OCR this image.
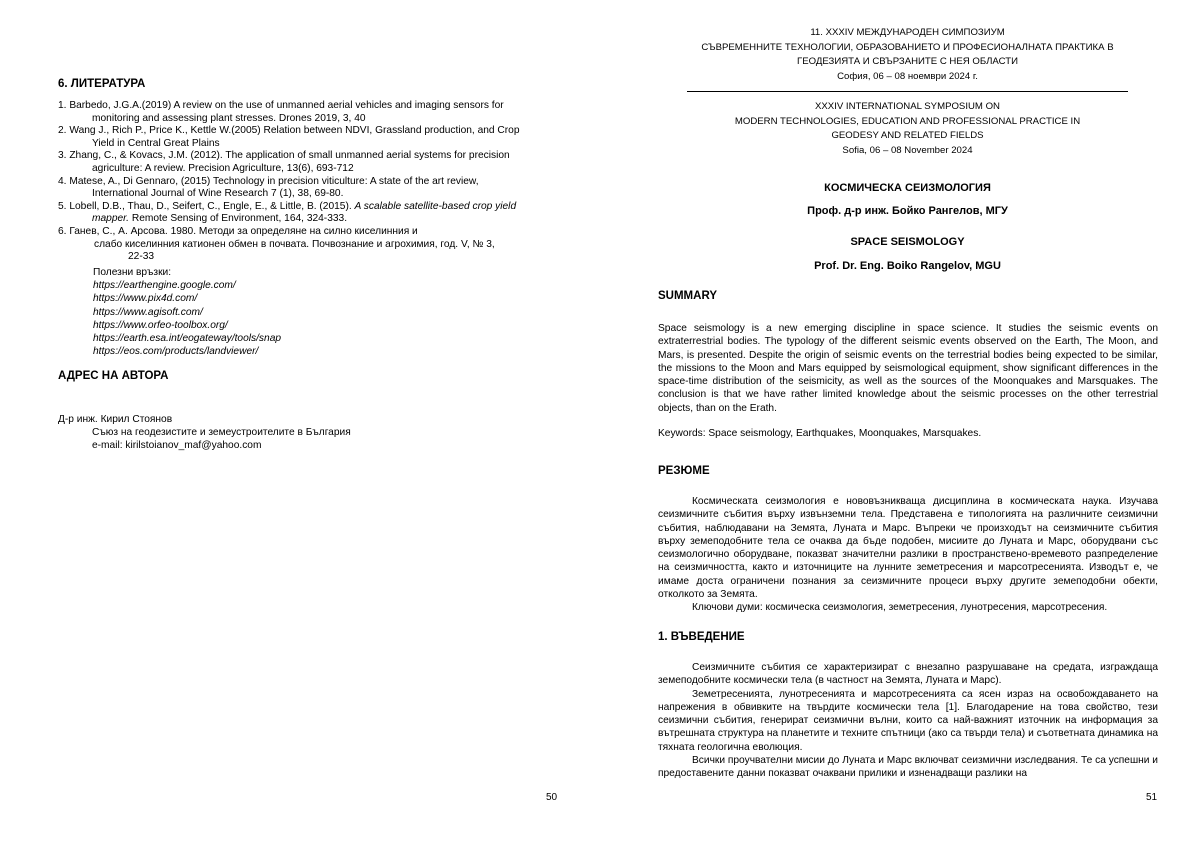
6. ЛИТЕРАТУРА
1. Barbedo, J.G.A.(2019) A review on the use of unmanned aerial vehicles and imaging sensors for
monitoring and assessing plant stresses. Drones 2019, 3, 40
2. Wang J., Rich P., Price K., Kettle W.(2005) Relation between NDVI, Grassland production, and Crop
Yield in Central Great Plains
3. Zhang, C., & Kovacs, J.M. (2012). The application of small unmanned aerial systems for precision
agriculture: A review. Precision Agriculture, 13(6), 693-712
4. Matese, A., Di Gennaro, (2015) Technology in precision viticulture: A state of the art review,
International Journal of Wine Research 7 (1), 38, 69-80.
5. Lobell, D.B., Thau, D., Seifert, C., Engle, E., & Little, B. (2015). A scalable satellite-based crop yield
mapper. Remote Sensing of Environment, 164, 324-333.
6. Ганев, С., А. Арсова. 1980. Методи за определяне на силно киселинния и
слабо киселинния катионен обмен в почвата. Почвознание и агрохимия, год. V, № 3,
22-33
Полезни връзки:
https://earthengine.google.com/
https://www.pix4d.com/
https://www.agisoft.com/
https://www.orfeo-toolbox.org/
https://earth.esa.int/eogateway/tools/snap
https://eos.com/products/landviewer/
АДРЕС НА АВТОРА
Д-р инж. Кирил Стоянов
Съюз на геодезистите и земеустроителите в България
e-mail: kirilstoianov_maf@yahoo.com
50
11. XXXIV МЕЖДУНАРОДЕН СИМПОЗИУМ
СЪВРЕМЕННИТЕ ТЕХНОЛОГИИ, ОБРАЗОВАНИЕТО И ПРОФЕСИОНАЛНАТА ПРАКТИКА В
ГЕОДЕЗИЯТА И СВЪРЗАНИТЕ С НЕЯ ОБЛАСТИ
София, 06 – 08 ноември 2024 г.
XXXIV INTERNATIONAL SYMPOSIUM ON
MODERN TECHNOLOGIES, EDUCATION AND PROFESSIONAL PRACTICE IN
GEODESY AND RELATED FIELDS
Sofia, 06 – 08 November 2024
КОСМИЧЕСКА СЕИЗМОЛОГИЯ
Проф. д-р инж. Бойко Рангелов, МГУ
SPACE SEISMOLOGY
Prof. Dr. Eng. Boiko Rangelov, MGU
SUMMARY

Space seismology is a new emerging discipline in space science. It studies the seismic events on extraterrestrial bodies. The typology of the different seismic events observed on the Earth, The Moon, and Mars, is presented. Despite the origin of seismic events on the terrestrial bodies being expected to be similar, the missions to the Moon and Mars equipped by seismological equipment, show significant differences in the space-time distribution of the seismicity, as well as the sources of the Moonquakes and Marsquakes. The conclusion is that we have rather limited knowledge about the seismic processes on the other terrestrial objects, than on the Erath.

Keywords: Space seismology, Earthquakes, Moonquakes, Marsquakes.

РЕЗЮМЕ

Космическата сеизмология е нововъзникваща дисциплина в космическата наука. Изучава сеизмичните събития върху извънземни тела. Представена е типологията на различните сеизмични събития, наблюдавани на Земята, Луната и Марс. Въпреки че произходът на сеизмичните събития върху земеподобните тела се очаква да бъде подобен, мисиите до Луната и Марс, оборудвани със сеизмологично оборудване, показват значителни разлики в пространствено-времевото разпределение на сеизмичността, както и източниците на лунните земетресения и марсотресенията. Изводът е, че имаме доста ограничени познания за сеизмичните процеси върху другите земеподобни обекти, отколкото за Земята.

Ключови думи: космическа сеизмология, земетресения, лунотресения, марсотресения.

1. ВЪВЕДЕНИЕ

Сеизмичните събития се характеризират с внезапно разрушаване на средата, изграждаща земеподобните космически тела (в частност на Земята, Луната и Марс).

Земетресенията, лунотресенията и марсотресенията са ясен израз на освобождаването на напрежения в обвивките на твърдите космически тела [1]. Благодарение на това свойство, тези сеизмични събития, генерират сеизмични вълни, които са най-важният източник на информация за вътрешната структура на планетите и техните спътници (ако са твърди тела) и съответната динамика на тяхната геологична еволюция.

Всички проучвателни мисии до Луната и Марс включват сеизмични изследвания. Те са успешни и предоставените данни показват очаквани прилики и изненадващи разлики на

51
